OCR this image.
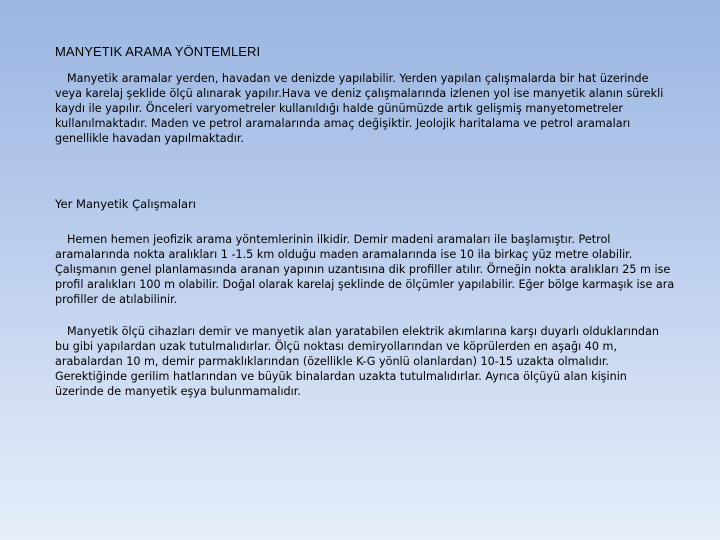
MANYETIK ARAMA YÖNTEMLERI
Manyetik aramalar yerden, havadan ve denizde yapılabilir. Yerden yapılan çalışmalarda bir hat üzerinde veya karelaj şeklide ölçü alınarak yapılır.Hava ve deniz çalışmalarında izlenen yol ise manyetik alanın sürekli kaydı ile yapılır. Önceleri varyometreler kullanıldığı halde günümüzde artık gelişmiş manyetometreler kullanılmaktadır. Maden ve petrol aramalarında amaç değişiktir. Jeolojik haritalama ve petrol aramaları genellikle havadan yapılmaktadır.
Yer Manyetik Çalışmaları
Hemen hemen jeofizik arama yöntemlerinin ilkidir. Demir madeni aramaları ile başlamıştır. Petrol aramalarında nokta aralıkları 1 -1.5 km olduğu maden aramalarında ise 10 ila birkaç yüz metre olabilir. Çalışmanın genel planlamasında aranan yapının uzantısına dik profiller atılır. Örneğin nokta aralıkları 25 m ise profil aralıkları 100 m olabilir. Doğal olarak karelaj şeklinde de ölçümler yapılabilir. Eğer bölge karmaşık ise ara profiller de atılabilinir.
Manyetik ölçü cihazları demir ve manyetik alan yaratabilen elektrik akımlarına karşı duyarlı olduklarından bu gibi yapılardan uzak tutulmalıdırlar. Ölçü noktası demiryollarından ve köprülerden en aşağı 40 m, arabalardan 10 m, demir parmaklıklarından (özellikle K-G yönlü olanlardan) 10-15 uzakta olmalıdır. Gerektiğinde gerilim hatlarından ve büyük binalardan uzakta tutulmalıdırlar. Ayrıca ölçüyü alan kişinin üzerinde de manyetik eşya bulunmamalıdır.
